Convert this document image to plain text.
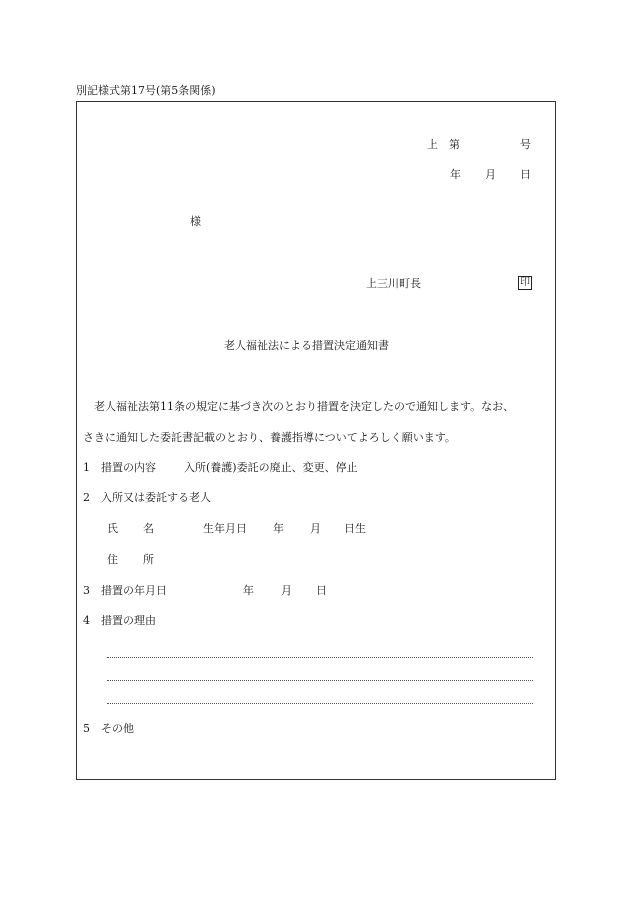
別記様式第17号(第5条関係)
上 第	号
年 月 日
様
上三川町長	印
老人福祉法による措置決定通知書
老人福祉法第11条の規定に基づき次のとおり措置を決定したので通知します。なお、
さきに通知した委託書記載のとおり、養護指導についてよろしく願います。
1 措置の内容	入所(養護)委託の廃止、変更、停止
2 入所又は委託する老人
氏 名	生年月日 年 月 日生
住 所
3 措置の年月日	年 月 日
4 措置の理由
5 その他
